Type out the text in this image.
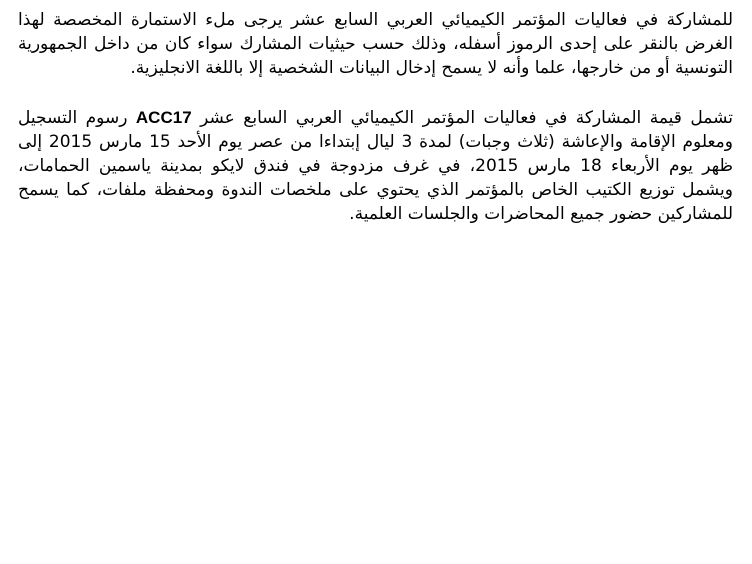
للمشاركة في فعاليات المؤتمر الكيميائي العربي السابع عشر يرجى ملء الاستمارة المخصصة لهذا الغرض بالنقر على إحدى الرموز أسفله، وذلك حسب حيثيات المشارك سواء كان من داخل الجمهورية التونسية أو من خارجها، علما وأنه لا يسمح إدخال البيانات الشخصية إلا باللغة الانجليزية.

تشمل قيمة المشاركة في فعاليات المؤتمر الكيميائي العربي السابع عشر ACC17 رسوم التسجيل ومعلوم الإقامة والإعاشة (ثلاث وجبات) لمدة 3 ليال إبتداءا من عصر يوم الأحد 15 مارس 2015 إلى ظهر يوم الأربعاء 18 مارس 2015، في غرف مزدوجة في فندق لايكو بمدينة ياسمين الحمامات، ويشمل توزيع الكتيب الخاص بالمؤتمر الذي يحتوي على ملخصات الندوة ومحفظة ملفات، كما يسمح للمشاركين حضور جميع المحاضرات والجلسات العلمية.
